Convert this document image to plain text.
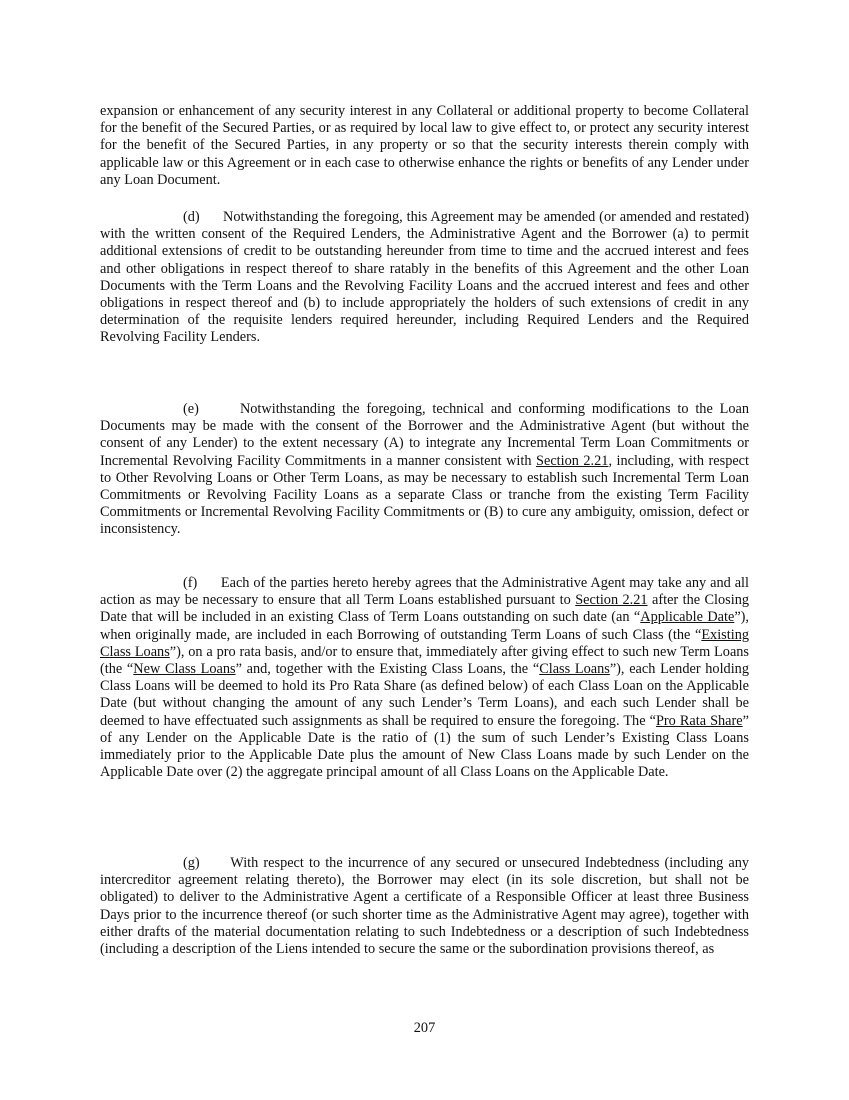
expansion or enhancement of any security interest in any Collateral or additional property to become Collateral for the benefit of the Secured Parties, or as required by local law to give effect to, or protect any security interest for the benefit of the Secured Parties, in any property or so that the security interests therein comply with applicable law or this Agreement or in each case to otherwise enhance the rights or benefits of any Lender under any Loan Document.

(d) Notwithstanding the foregoing, this Agreement may be amended (or amended and restated) with the written consent of the Required Lenders, the Administrative Agent and the Borrower (a) to permit additional extensions of credit to be outstanding hereunder from time to time and the accrued interest and fees and other obligations in respect thereof to share ratably in the benefits of this Agreement and the other Loan Documents with the Term Loans and the Revolving Facility Loans and the accrued interest and fees and other obligations in respect thereof and (b) to include appropriately the holders of such extensions of credit in any determination of the requisite lenders required hereunder, including Required Lenders and the Required Revolving Facility Lenders.

(e)	Notwithstanding the foregoing, technical and conforming modifications to the Loan Documents may be made with the consent of the Borrower and the Administrative Agent (but without the consent of any Lender) to the extent necessary (A) to integrate any Incremental Term Loan Commitments or Incremental Revolving Facility Commitments in a manner consistent with Section 2.21, including, with respect to Other Revolving Loans or Other Term Loans, as may be necessary to establish such Incremental Term Loan Commitments or Revolving Facility Loans as a separate Class or tranche from the existing Term Facility Commitments or Incremental Revolving Facility Commitments or (B) to cure any ambiguity, omission, defect or inconsistency.

(f) Each of the parties hereto hereby agrees that the Administrative Agent may take any and all action as may be necessary to ensure that all Term Loans established pursuant to Section 2.21 after the Closing Date that will be included in an existing Class of Term Loans outstanding on such date (an “Applicable Date”), when originally made, are included in each Borrowing of outstanding Term Loans of such Class (the “Existing Class Loans”), on a pro rata basis, and/or to ensure that, immediately after giving effect to such new Term Loans (the “New Class Loans” and, together with the Existing Class Loans, the “Class Loans”), each Lender holding Class Loans will be deemed to hold its Pro Rata Share (as defined below) of each Class Loan on the Applicable Date (but without changing the amount of any such Lender’s Term Loans), and each such Lender shall be deemed to have effectuated such assignments as shall be required to ensure the foregoing. The “Pro Rata Share” of any Lender on the Applicable Date is the ratio of (1) the sum of such Lender’s Existing Class Loans immediately prior to the Applicable Date plus the amount of New Class Loans made by such Lender on the Applicable Date over (2) the aggregate principal amount of all Class Loans on the Applicable Date.

(g) With respect to the incurrence of any secured or unsecured Indebtedness (including any intercreditor agreement relating thereto), the Borrower may elect (in its sole discretion, but shall not be obligated) to deliver to the Administrative Agent a certificate of a Responsible Officer at least three Business Days prior to the incurrence thereof (or such shorter time as the Administrative Agent may agree), together with either drafts of the material documentation relating to such Indebtedness or a description of such Indebtedness (including a description of the Liens intended to secure the same or the subordination provisions thereof, as

207
